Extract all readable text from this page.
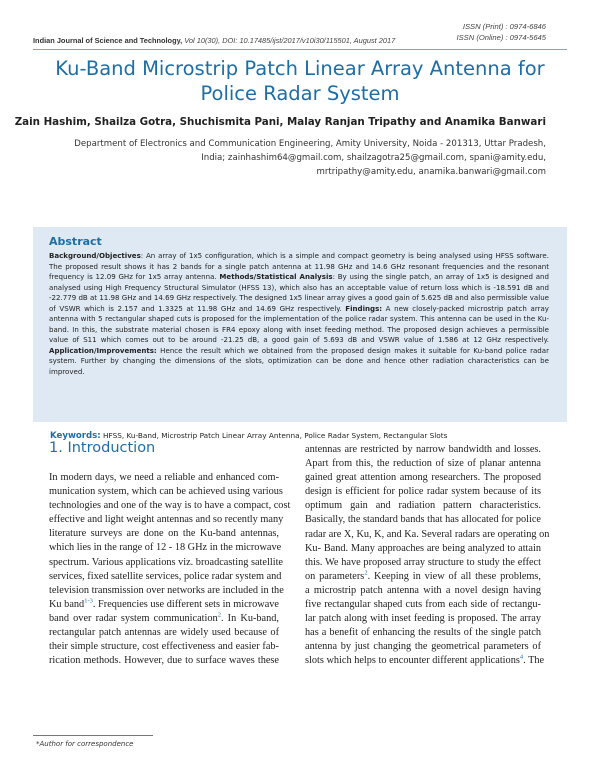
ISSN (Print) : 0974-6846
ISSN (Online) : 0974-5645
Indian Journal of Science and Technology, Vol 10(30), DOI: 10.17485/ijst/2017/v10i30/115501, August 2017
Ku-Band Microstrip Patch Linear Array Antenna for
Police Radar System
Zain Hashim, Shailza Gotra, Shuchismita Pani, Malay Ranjan Tripathy and Anamika Banwari
Department of Electronics and Communication Engineering, Amity University, Noida - 201313, Uttar Pradesh,
India; zainhashim64@gmail.com, shailzagotra25@gmail.com, spani@amity.edu,
mrtripathy@amity.edu, anamika.banwari@gmail.com
Abstract

Background/Objectives: An array of 1x5 configuration, which is a simple and compact geometry is being analysed using HFSS software. The proposed result shows it has 2 bands for a single patch antenna at 11.98 GHz and 14.6 GHz resonant frequencies and the resonant frequency is 12.09 GHz for 1x5 array antenna. Methods/Statistical Analysis: By using the single patch, an array of 1x5 is designed and analysed using High Frequency Structural Simulator (HFSS 13), which also has an acceptable value of return loss which is -18.591 dB and -22.779 dB at 11.98 GHz and 14.69 GHz respectively. The designed 1x5 linear array gives a good gain of 5.625 dB and also permissible value of VSWR which is 2.157 and 1.3325 at 11.98 GHz and 14.69 GHz respectively. Findings: A new closely-packed microstrip patch array antenna with 5 rectangular shaped cuts is proposed for the implementation of the police radar system. This antenna can be used in the Ku-band. In this, the substrate material chosen is FR4 epoxy along with inset feeding method. The proposed design achieves a permissible value of S11 which comes out to be around -21.25 dB, a good gain of 5.693 dB and VSWR value of 1.586 at 12 GHz respectively. Application/Improvements: Hence the result which we obtained from the proposed design makes it suitable for Ku-band police radar system. Further by changing the dimensions of the slots, optimization can be done and hence other radiation characteristics can be improved.

Keywords: HFSS, Ku-Band, Microstrip Patch Linear Array Antenna, Police Radar System, Rectangular Slots
1. Introduction
In modern days, we need a reliable and enhanced com-
munication system, which can be achieved using various
technologies and one of the way is to have a compact, cost
effective and light weight antennas and so recently many
literature surveys are done on the Ku-band antennas,
which lies in the range of 12 - 18 GHz in the microwave
spectrum. Various applications viz. broadcasting satellite
services, fixed satellite services, police radar system and
television transmission over networks are included in the
Ku band$^{1-3}$. Frequencies use different sets in microwave
band over radar system communication$^2$. In Ku-band,
rectangular patch antennas are widely used because of
their simple structure, cost effectiveness and easier fab-
rication methods. However, due to surface waves these
antennas are restricted by narrow bandwidth and losses.
Apart from this, the reduction of size of planar antenna
gained great attention among researchers. The proposed
design is efficient for police radar system because of its
optimum gain and radiation pattern characteristics.
Basically, the standard bands that has allocated for police
radar are X, Ku, K, and Ka. Several radars are operating on
Ku- Band. Many approaches are being analyzed to attain
this. We have proposed array structure to study the effect
on parameters$^2$. Keeping in view of all these problems,
a microstrip patch antenna with a novel design having
five rectangular shaped cuts from each side of rectangu-
lar patch along with inset feeding is proposed. The array
has a benefit of enhancing the results of the single patch
antenna by just changing the geometrical parameters of
slots which helps to encounter different applications$^4$. The
*Author for correspondence
